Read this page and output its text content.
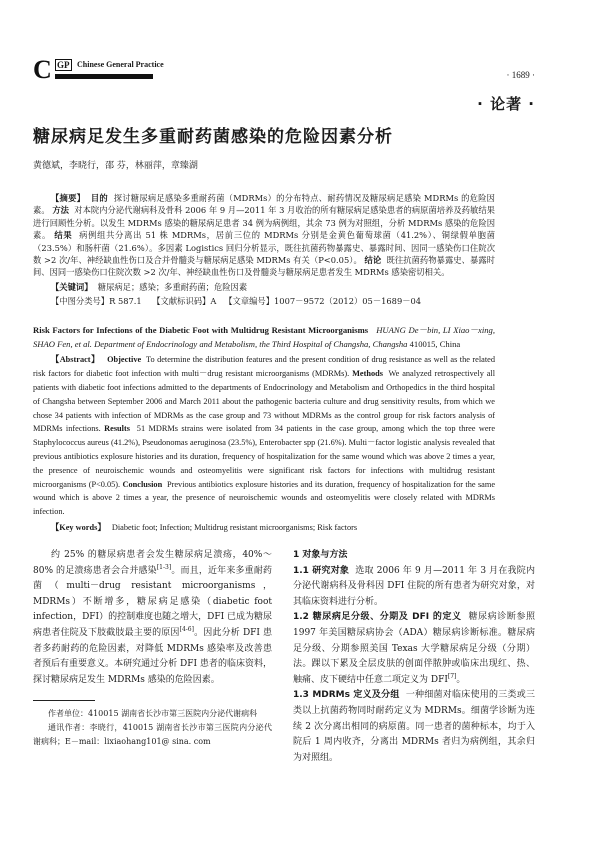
C GP Chinese General Practice
· 1689 ·
· 论著 ·
糖尿病足发生多重耐药菌感染的危险因素分析
黄德斌，李晓行，邵 芬，林丽萍，章臻湖
【摘要】 目的 探讨糖尿病足感染多重耐药菌（MDRMs）的分布特点、耐药情况及糖尿病足感染 MDRMs 的危险因素。 方法 对本院内分泌代谢病科及骨科 2006 年 9 月—2011 年 3 月收治的所有糖尿病足感染患者的病原菌培养及药敏结果进行回顾性分析。以发生 MDRMs 感染的糖尿病足患者 34 例为病例组，其余 73 例为对照组，分析 MDRMs 感染的危险因素。 结果 病例组共分离出 51 株 MDRMs，居前三位的 MDRMs 分别是金黄色葡萄球菌（41.2%）、铜绿假单胞菌（23.5%）和肠杆菌（21.6%）。多因素 Logistics 回归分析显示，既往抗菌药物暴露史、暴露时间、因同一感染伤口住院次数 >2 次/年、神经缺血性伤口及合并骨髓炎与糖尿病足感染 MDRMs 有关（P<0.05）。 结论 既往抗菌药物暴露史、暴露时间、因同一感染伤口住院次数 >2 次/年、神经缺血性伤口及骨髓炎与糖尿病足患者发生 MDRMs 感染密切相关。
【关键词】 糖尿病足；感染；多重耐药菌；危险因素
【中图分类号】R 587.1    【文献标识码】A   【文章编号】1007－9572（2012）05－1689－04
Risk Factors for Infections of the Diabetic Foot with Multidrug Resistant Microorganisms HUANG De－bin, LI Xiao－xing, SHAO Fen, et al. Department of Endocrinology and Metabolism, the Third Hospital of Changsha, Changsha 410015, China
【Abstract】 Objective To determine the distribution features and the present condition of drug resistance as well as the related risk factors for diabetic foot infection with multi－drug resistant microorganisms (MDRMs). Methods We analyzed retrospectively all patients with diabetic foot infections admitted to the departments of Endocrinology and Metabolism and Orthopedics in the third hospital of Changsha between September 2006 and March 2011 about the pathogenic bacteria culture and drug sensitivity results, from which we chose 34 patients with infection of MDRMs as the case group and 73 without MDRMs as the control group for risk factors analysis of MDRMs infections. Results 51 MDRMs strains were isolated from 34 patients in the case group, among which the top three were Staphylococcus aureus (41.2%), Pseudonomas aeruginosa (23.5%), Enterobacter spp (21.6%). Multi－factor logistic analysis revealed that previous antibiotics explosure histories and its duration, frequency of hospitalization for the same wound which was above 2 times a year, the presence of neuroischemic wounds and osteomyelitis were significant risk factors for infections with multidrug resistant microorganisms (P<0.05). Conclusion Previous antibiotics explosure histories and its duration, frequency of hospitalization for the same wound which is above 2 times a year, the presence of neuroischemic wounds and osteomyelitis were closely related with MDRMs infection.
【Key words】 Diabetic foot; Infection; Multidrug resistant microorganisms; Risk factors
约 25% 的糖尿病患者会发生糖尿病足溃疡，40%～80% 的足溃疡患者会合并感染[1-3]。而且，近年来多重耐药菌（multi－drug resistant microorganisms，MDRMs）不断增多，糖尿病足感染（diabetic foot infection，DFI）的控制难度也随之增大，DFI 已成为糖尿病患者住院及下肢截肢最主要的原因[4-6]。因此分析 DFI 患者多药耐药的危险因素，对降低 MDRMs 感染率及改善患者预后有重要意义。本研究通过分析 DFI 患者的临床资料，探讨糖尿病足发生 MDRMs 感染的危险因素。

作者单位：410015 湖南省长沙市第三医院内分泌代谢病科

通讯作者：李晓行，410015 湖南省长沙市第三医院内分泌代谢病科；E－mail：lixiaohang101@ sina. com

1 对象与方法

1.1 研究对象 选取 2006 年 9 月—2011 年 3 月在我院内分泌代谢病科及骨科因 DFI 住院的所有患者为研究对象，对其临床资料进行分析。

1.2 糖尿病足分级、分期及 DFI 的定义 糖尿病诊断参照 1997 年美国糖尿病协会（ADA）糖尿病诊断标准。糖尿病足分级、分期参照美国 Texas 大学糖尿病足分级（分期）法。踝以下累及全层皮肤的创面伴脓肿或临床出现红、热、触痛、皮下硬结中任意二项定义为 DFI[7]。

1.3 MDRMs 定义及分组 一种细菌对临床使用的三类或三类以上抗菌药物同时耐药定义为 MDRMs。细菌学诊断为连续 2 次分离出相同的病原菌。同一患者的菌种标本，均于入院后 1 周内收齐，分离出 MDRMs 者归为病例组，其余归为对照组。
